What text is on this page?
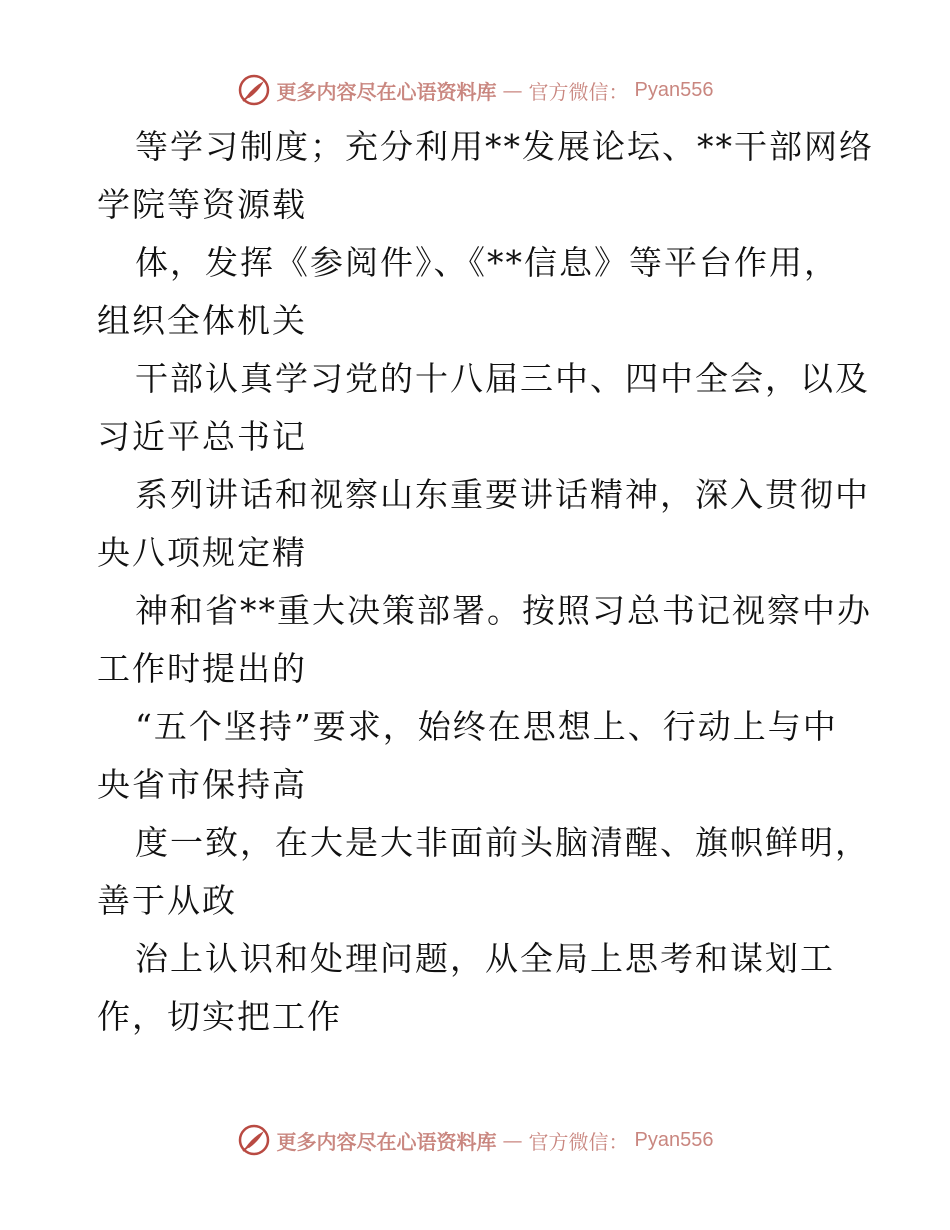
更多内容尽在心语资料库 — 官方微信： Pyan556
等学习制度；充分利用**发展论坛、**干部网络
学院等资源载
体，发挥《参阅件》、《**信息》等平台作用，
组织全体机关
干部认真学习党的十八届三中、四中全会，以及
习近平总书记
系列讲话和视察山东重要讲话精神，深入贯彻中
央八项规定精
神和省**重大决策部署。按照习总书记视察中办
工作时提出的
“五个坚持”要求，始终在思想上、行动上与中
央省市保持高
度一致，在大是大非面前头脑清醒、旗帜鲜明，
善于从政
治上认识和处理问题，从全局上思考和谋划工
作，切实把工作
更多内容尽在心语资料库 — 官方微信： Pyan556
